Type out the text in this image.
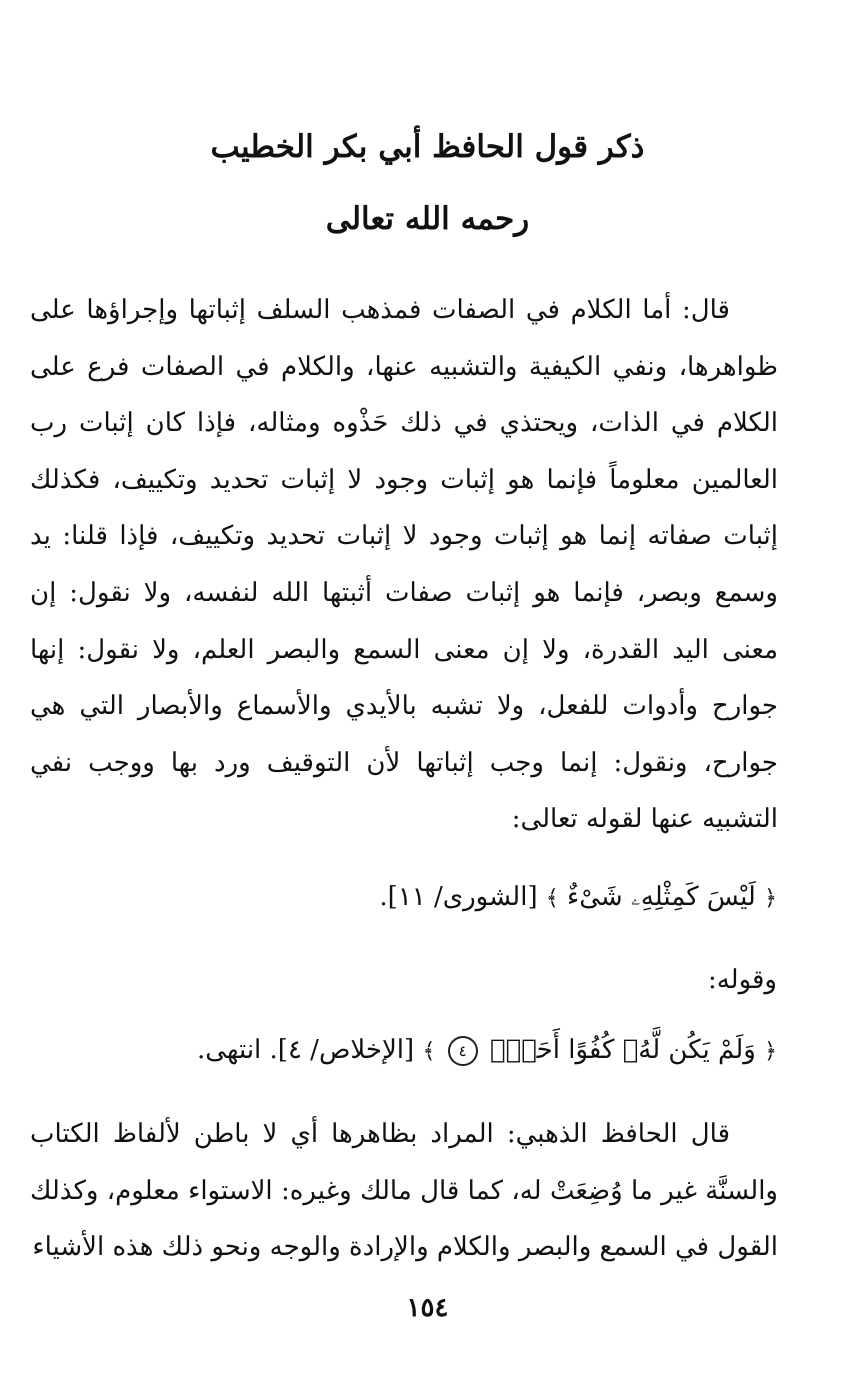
ذكر قول الحافظ أبي بكر الخطيب
رحمه الله تعالى
قال: أما الكلام في الصفات فمذهب السلف إثباتها وإجراؤها على ظواهرها، ونفي الكيفية والتشبيه عنها، والكلام في الصفات فرع على الكلام في الذات، ويحتذي في ذلك حَذْوه ومثاله، فإذا كان إثبات رب العالمين معلوماً فإنما هو إثبات وجود لا إثبات تحديد وتكييف، فكذلك إثبات صفاته إنما هو إثبات وجود لا إثبات تحديد وتكييف، فإذا قلنا: يد وسمع وبصر، فإنما هو إثبات صفات أثبتها الله لنفسه، ولا نقول: إن معنى اليد القدرة، ولا إن معنى السمع والبصر العلم، ولا نقول: إنها جوارح وأدوات للفعل، ولا تشبه بالأيدي والأسماع والأبصار التي هي جوارح، ونقول: إنما وجب إثباتها لأن التوقيف ورد بها ووجب نفي التشبيه عنها لقوله تعالى:
﴿ لَيْسَ كَمِثْلِهِۦ شَىْءٌ ﴾ [الشورى/ ١١].
وقوله:
﴿ وَلَمْ يَكُن لَّهُۥ كُفُوًا أَحَدٌۢ ٤ ﴾ [الإخلاص/ ٤]. انتهى.
قال الحافظ الذهبي: المراد بظاهرها أي لا باطن لألفاظ الكتاب والسنَّة غير ما وُضِعَتْ له، كما قال مالك وغيره: الاستواء معلوم، وكذلك القول في السمع والبصر والكلام والإرادة والوجه ونحو ذلك هذه الأشياء
١٥٤
